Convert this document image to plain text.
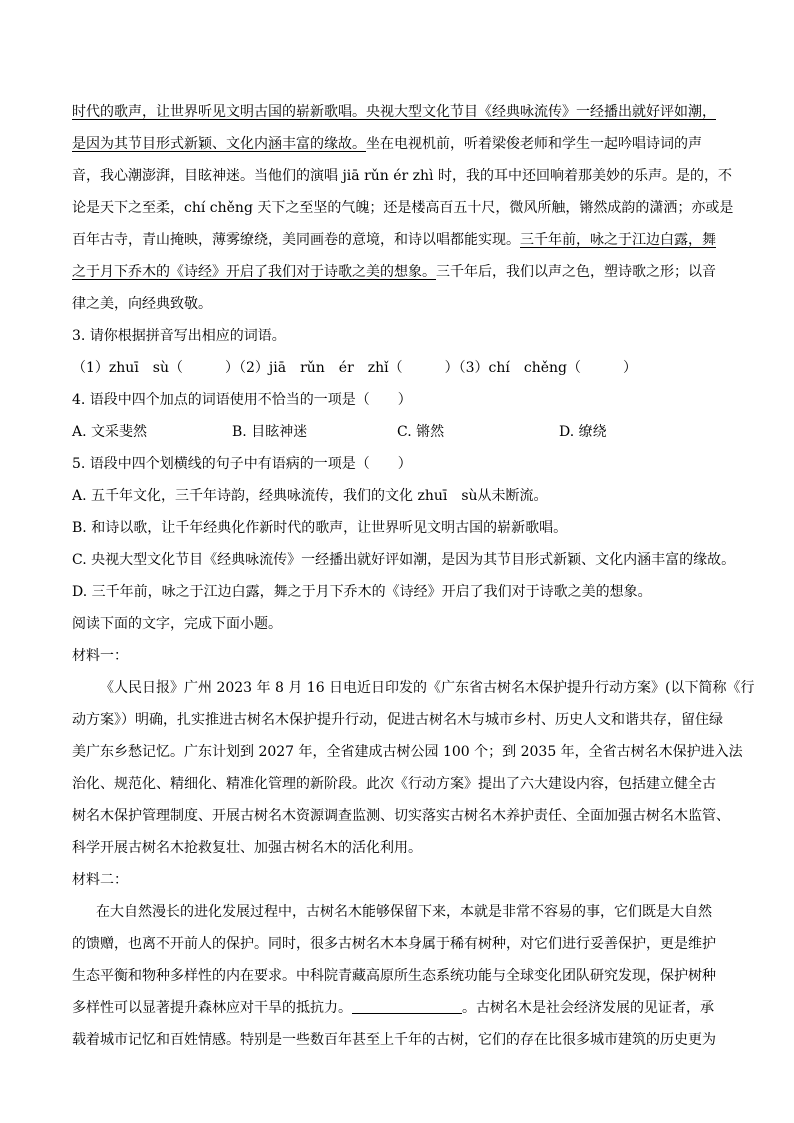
时代的歌声，让世界听见文明古国的崭新歌唱。央视大型文化节目《经典咏流传》一经播出就好评如潮，
是因为其节目形式新颖、文化内涵丰富的缘故。坐在电视机前，听着梁俊老师和学生一起吟唱诗词的声
音，我心潮澎湃，目眩神迷。当他们的演唱 jiā rǔn ér zhì 时，我的耳中还回响着那美妙的乐声。是的，不
论是天下之至柔，chí chěng 天下之至坚的气魄；还是楼高百五十尺，微风所触，锵然成韵的潇洒；亦或是
百年古寺，青山掩映，薄雾缭绕，美同画卷的意境，和诗以唱都能实现。三千年前，咏之于江边白露，舞
之于月下乔木的《诗经》开启了我们对于诗歌之美的想象。三千年后，我们以声之色，塑诗歌之形；以音
律之美，向经典致敬。
3. 请你根据拼音写出相应的词语。
（1）zhuī　sù（　　　）（2）jiā　rǔn　ér　zhǐ（　　　）（3）chí　chěng（　　　）
4. 语段中四个加点的词语使用不恰当的一项是（　　）
A. 文采斐然	B. 目眩神迷	C. 锵然	D. 缭绕
5. 语段中四个划横线的句子中有语病的一项是（　　）
A. 五千年文化，三千年诗韵，经典咏流传，我们的文化 zhuī　sù从未断流。
B. 和诗以歌，让千年经典化作新时代的歌声，让世界听见文明古国的崭新歌唱。
C. 央视大型文化节目《经典咏流传》一经播出就好评如潮，是因为其节目形式新颖、文化内涵丰富的缘故。
D. 三千年前，咏之于江边白露，舞之于月下乔木的《诗经》开启了我们对于诗歌之美的想象。
阅读下面的文字，完成下面小题。
材料一：
《人民日报》广州 2023 年 8 月 16 日电近日印发的《广东省古树名木保护提升行动方案》(以下简称《行
动方案》）明确，扎实推进古树名木保护提升行动，促进古树名木与城市乡村、历史人文和谐共存，留住绿
美广东乡愁记忆。广东计划到 2027 年，全省建成古树公园 100 个；到 2035 年，全省古树名木保护进入法
治化、规范化、精细化、精准化管理的新阶段。此次《行动方案》提出了六大建设内容，包括建立健全古
树名木保护管理制度、开展古树名木资源调查监测、切实落实古树名木养护责任、全面加强古树名木监管、
科学开展古树名木抢救复壮、加强古树名木的活化利用。
材料二：
在大自然漫长的进化发展过程中，古树名木能够保留下来，本就是非常不容易的事，它们既是大自然
的馈赠，也离不开前人的保护。同时，很多古树名木本身属于稀有树种，对它们进行妥善保护，更是维护
生态平衡和物种多样性的内在要求。中科院青藏高原所生态系统功能与全球变化团队研究发现，保护树种
多样性可以显著提升森林应对干旱的抵抗力。	。古树名木是社会经济发展的见证者，承
载着城市记忆和百姓情感。特别是一些数百年甚至上千年的古树，它们的存在比很多城市建筑的历史更为
